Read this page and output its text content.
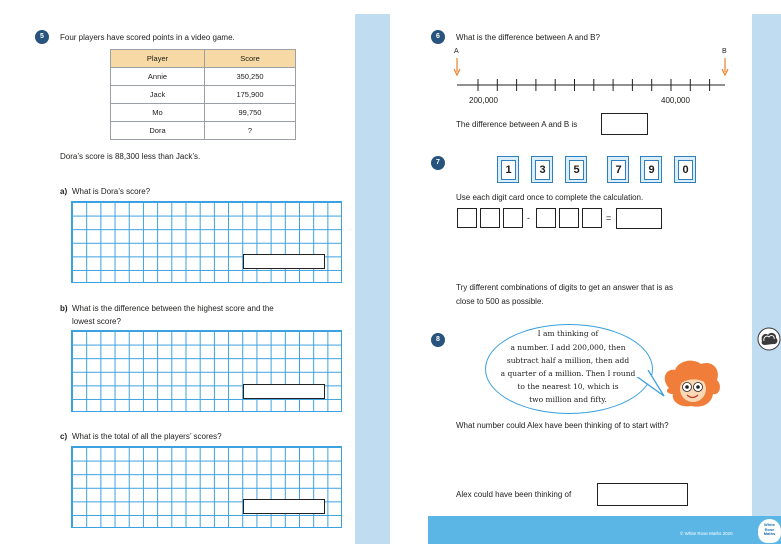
5	Four players have scored points in a video game.
Player	Score
Annie	350,250
Jack	175,900
Mo	99,750
Dora	?
Dora’s score is 88,300 less than Jack’s.
a) What is Dora’s score?
b) What is the difference between the highest score and the
lowest score?
c) What is the total of all the players’ scores?
6	What is the difference between A and B?
A	B
200,000	400,000
The difference between A and B is
7
1	3	5	7	9	0
Use each digit card once to complete the calculation.
-	=
Try different combinations of digits to get an answer that is as
close to 500 as possible.
8
I am thinking of
a number. I add 200,000, then
subtract half a million, then add
a quarter of a million. Then I round
to the nearest 10, which is
two million and fifty.
What number could Alex have been thinking of to start with?
Alex could have been thinking of
© White Rose Maths 2020
White
Rose
Maths
